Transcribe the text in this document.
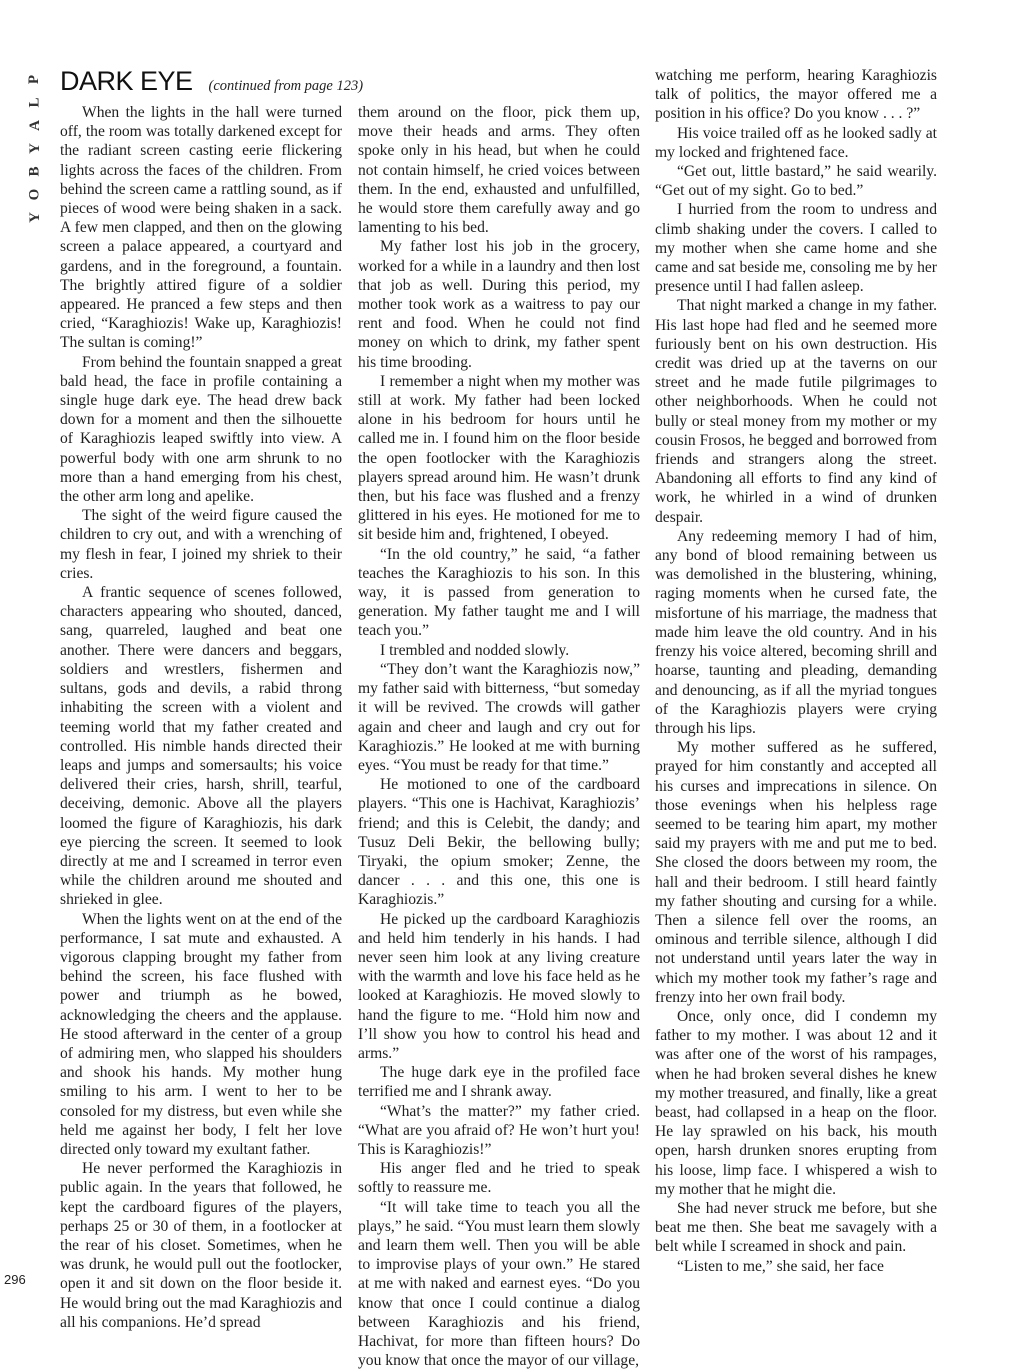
P
L
A
Y
B
O
Y
DARK EYE (continued from page 123)

When the lights in the hall were turned off, the room was totally darkened except for the radiant screen casting eerie flickering lights across the faces of the children. From behind the screen came a rattling sound, as if pieces of wood were being shaken in a sack. A few men clapped, and then on the glowing screen a palace appeared, a courtyard and gardens, and in the foreground, a fountain. The brightly attired figure of a soldier appeared. He pranced a few steps and then cried, “Karaghiozis! Wake up, Karaghiozis! The sultan is coming!”

From behind the fountain snapped a great bald head, the face in profile containing a single huge dark eye. The head drew back down for a moment and then the silhouette of Karaghiozis leaped swiftly into view. A powerful body with one arm shrunk to no more than a hand emerging from his chest, the other arm long and apelike.

The sight of the weird figure caused the children to cry out, and with a wrenching of my flesh in fear, I joined my shriek to their cries.

A frantic sequence of scenes followed, characters appearing who shouted, danced, sang, quarreled, laughed and beat one another. There were dancers and beggars, soldiers and wrestlers, fishermen and sultans, gods and devils, a rabid throng inhabiting the screen with a violent and teeming world that my father created and controlled. His nimble hands directed their leaps and jumps and somersaults; his voice delivered their cries, harsh, shrill, tearful, deceiving, demonic. Above all the players loomed the figure of Karaghiozis, his dark eye piercing the screen. It seemed to look directly at me and I screamed in terror even while the children around me shouted and shrieked in glee.

When the lights went on at the end of the performance, I sat mute and exhausted. A vigorous clapping brought my father from behind the screen, his face flushed with power and triumph as he bowed, acknowledging the cheers and the applause. He stood afterward in the center of a group of admiring men, who slapped his shoulders and shook his hands. My mother hung smiling to his arm. I went to her to be consoled for my distress, but even while she held me against her body, I felt her love directed only toward my exultant father.

He never performed the Karaghiozis in public again. In the years that followed, he kept the cardboard figures of the players, perhaps 25 or 30 of them, in a footlocker at the rear of his closet. Sometimes, when he was drunk, he would pull out the footlocker, open it and sit down on the floor beside it. He would bring out the mad Karaghiozis and all his companions. He’d spread

them around on the floor, pick them up, move their heads and arms. They often spoke only in his head, but when he could not contain himself, he cried voices between them. In the end, exhausted and unfulfilled, he would store them carefully away and go lamenting to his bed.

My father lost his job in the grocery, worked for a while in a laundry and then lost that job as well. During this period, my mother took work as a waitress to pay our rent and food. When he could not find money on which to drink, my father spent his time brooding.

I remember a night when my mother was still at work. My father had been locked alone in his bedroom for hours until he called me in. I found him on the floor beside the open footlocker with the Karaghiozis players spread around him. He wasn’t drunk then, but his face was flushed and a frenzy glittered in his eyes. He motioned for me to sit beside him and, frightened, I obeyed.

“In the old country,” he said, “a father teaches the Karaghiozis to his son. In this way, it is passed from generation to generation. My father taught me and I will teach you.”

I trembled and nodded slowly.

“They don’t want the Karaghiozis now,” my father said with bitterness, “but someday it will be revived. The crowds will gather again and cheer and laugh and cry out for Karaghiozis.” He looked at me with burning eyes. “You must be ready for that time.”

He motioned to one of the cardboard players. “This one is Hachivat, Karaghiozis’ friend; and this is Celebit, the dandy; and Tusuz Deli Bekir, the bellowing bully; Tiryaki, the opium smoker; Zenne, the dancer . . . and this one, this one is Karaghiozis.”

He picked up the cardboard Karaghiozis and held him tenderly in his hands. I had never seen him look at any living creature with the warmth and love his face held as he looked at Karaghiozis. He moved slowly to hand the figure to me. “Hold him now and I’ll show you how to control his head and arms.”

The huge dark eye in the profiled face terrified me and I shrank away.

“What’s the matter?” my father cried. “What are you afraid of? He won’t hurt you! This is Karaghiozis!”

His anger fled and he tried to speak softly to reassure me.

“It will take time to teach you all the plays,” he said. “You must learn them slowly and learn them well. Then you will be able to improvise plays of your own.” He stared at me with naked and earnest eyes. “Do you know that once I could continue a dialog between Karaghiozis and his friend, Hachivat, for more than fifteen hours? Do you know that once the mayor of our village,

watching me perform, hearing Karaghiozis talk of politics, the mayor offered me a position in his office? Do you know . . . ?”

His voice trailed off as he looked sadly at my locked and frightened face.

“Get out, little bastard,” he said wearily. “Get out of my sight. Go to bed.”

I hurried from the room to undress and climb shaking under the covers. I called to my mother when she came home and she came and sat beside me, consoling me by her presence until I had fallen asleep.

That night marked a change in my father. His last hope had fled and he seemed more furiously bent on his own destruction. His credit was dried up at the taverns on our street and he made futile pilgrimages to other neighborhoods. When he could not bully or steal money from my mother or my cousin Frosos, he begged and borrowed from friends and strangers along the street. Abandoning all efforts to find any kind of work, he whirled in a wind of drunken despair.

Any redeeming memory I had of him, any bond of blood remaining between us was demolished in the blustering, whining, raging moments when he cursed fate, the misfortune of his marriage, the madness that made him leave the old country. And in his frenzy his voice altered, becoming shrill and hoarse, taunting and pleading, demanding and denouncing, as if all the myriad tongues of the Karaghiozis players were crying through his lips.

My mother suffered as he suffered, prayed for him constantly and accepted all his curses and imprecations in silence. On those evenings when his helpless rage seemed to be tearing him apart, my mother said my prayers with me and put me to bed. She closed the doors between my room, the hall and their bedroom. I still heard faintly my father shouting and cursing for a while. Then a silence fell over the rooms, an ominous and terrible silence, although I did not understand until years later the way in which my mother took my father’s rage and frenzy into her own frail body.

Once, only once, did I condemn my father to my mother. I was about 12 and it was after one of the worst of his rampages, when he had broken several dishes he knew my mother treasured, and finally, like a great beast, had collapsed in a heap on the floor. He lay sprawled on his back, his mouth open, harsh drunken snores erupting from his loose, limp face. I whispered a wish to my mother that he might die.

She had never struck me before, but she beat me then. She beat me savagely with a belt while I screamed in shock and pain.

“Listen to me,” she said, her face

296
